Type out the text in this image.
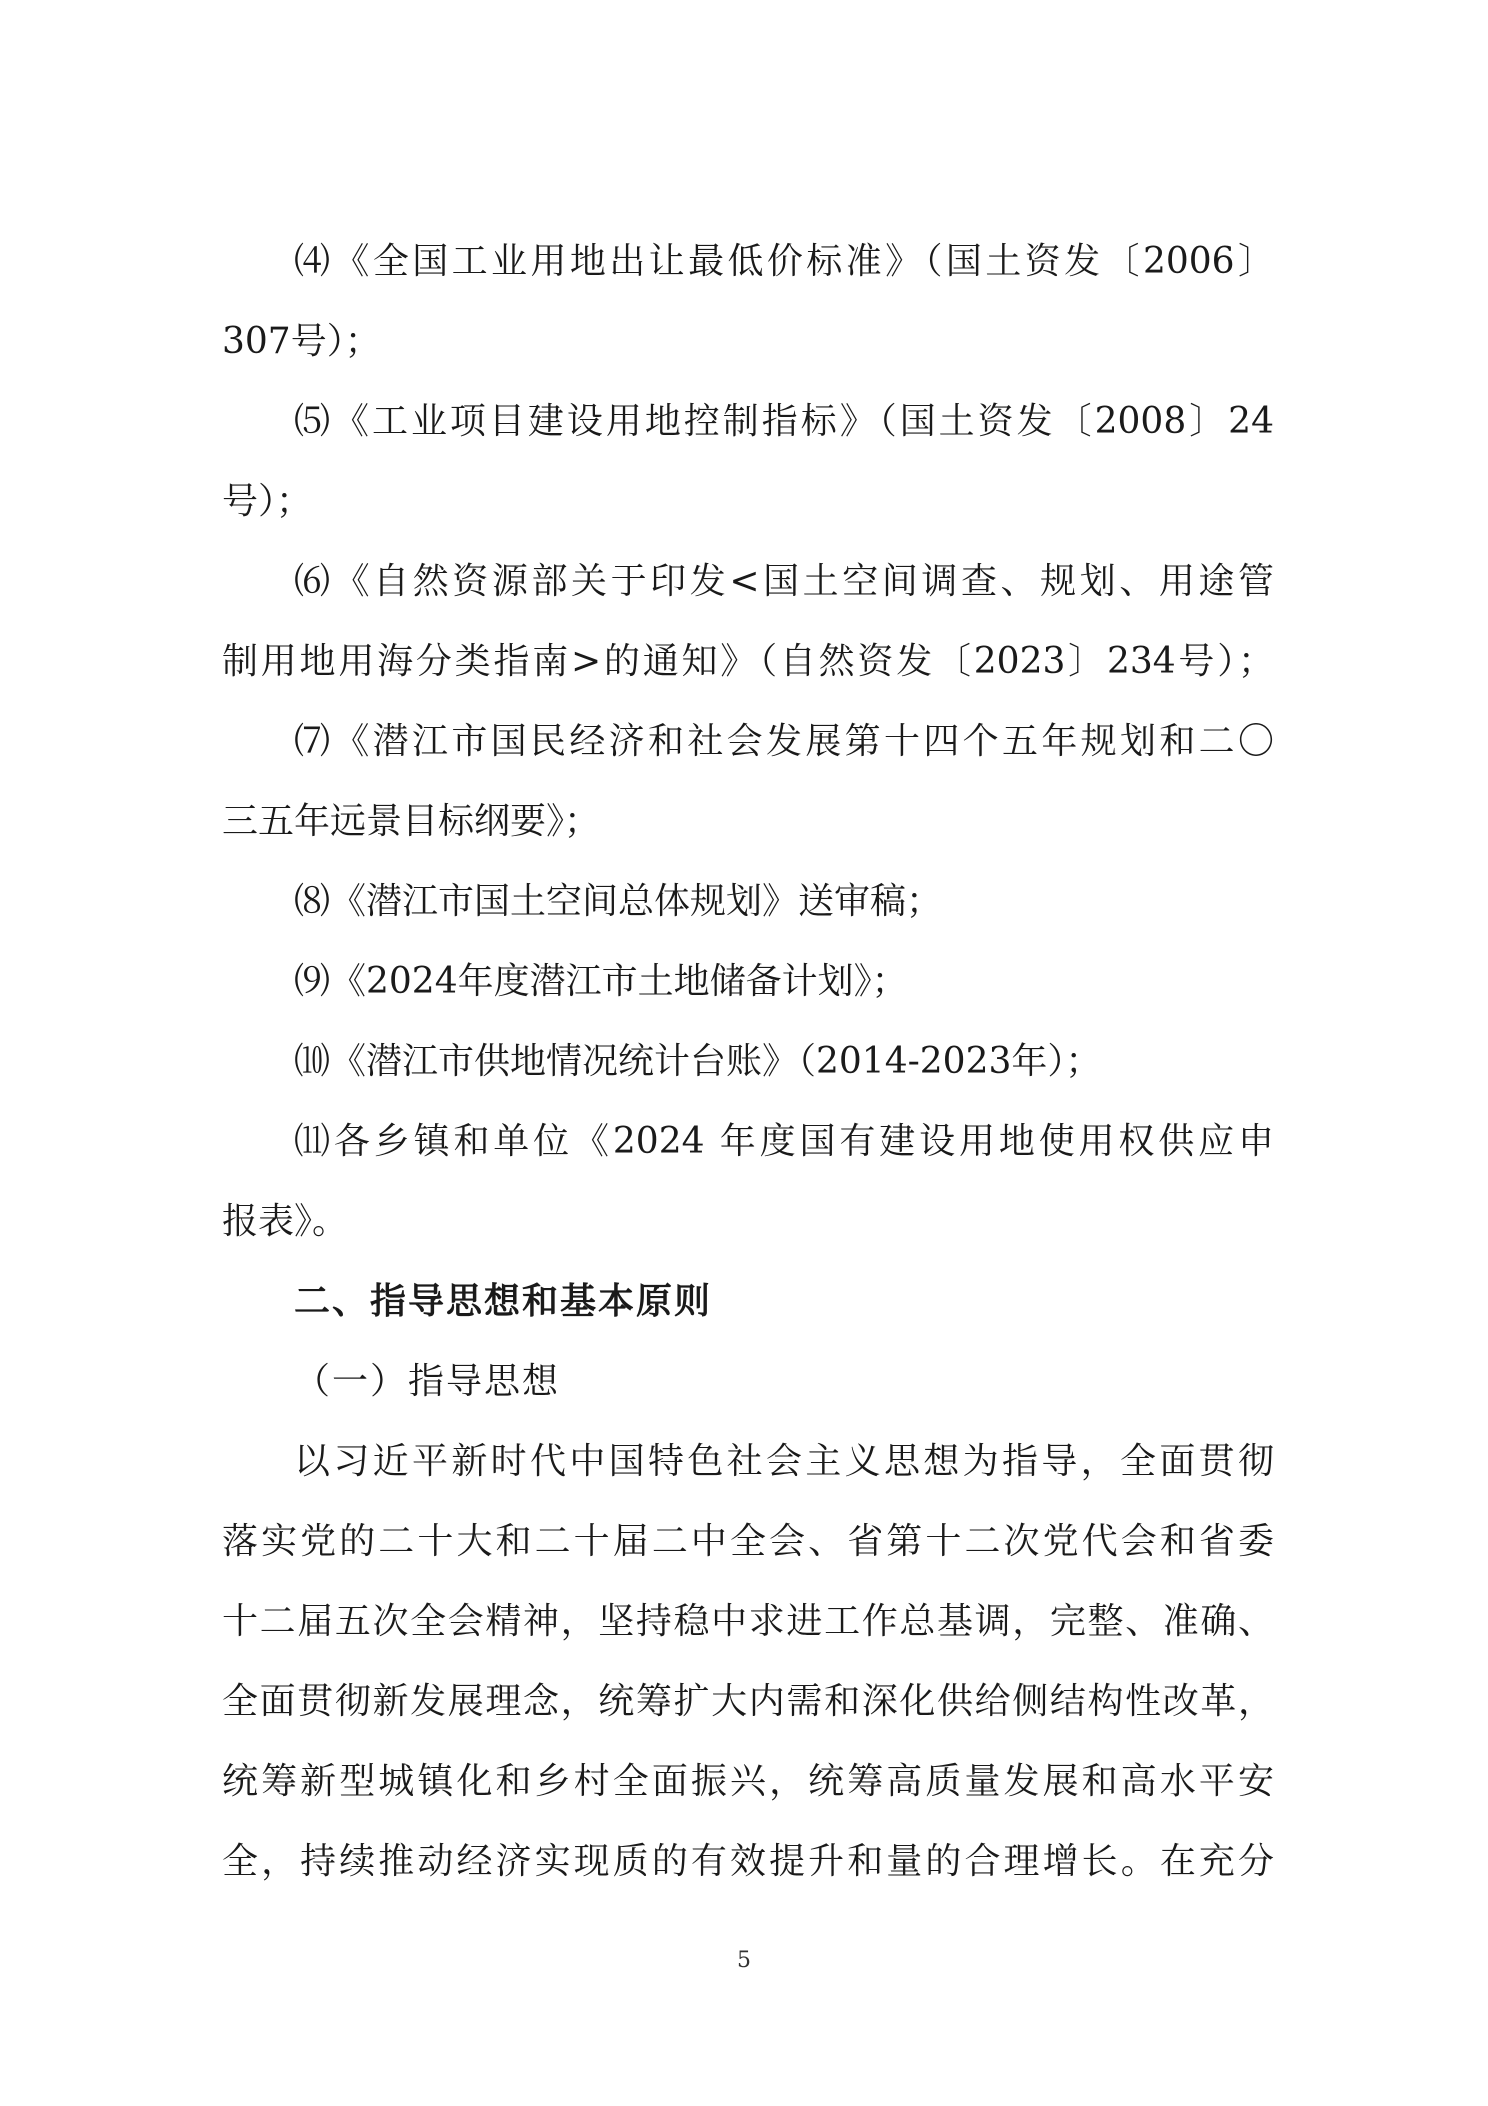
⑷《全国工业用地出让最低价标准》（国土资发〔2006〕
307号）；
⑸《工业项目建设用地控制指标》（国土资发〔2008〕24
号）；
⑹《自然资源部关于印发<国土空间调查、规划、用途管
制用地用海分类指南>的通知》（自然资发〔2023〕234号）；
⑺《潜江市国民经济和社会发展第十四个五年规划和二〇
三五年远景目标纲要》；
⑻《潜江市国土空间总体规划》送审稿；
⑼《2024年度潜江市土地储备计划》；
⑽《潜江市供地情况统计台账》（2014-2023年）；
⑾各乡镇和单位《2024 年度国有建设用地使用权供应申
报表》。
二、指导思想和基本原则
（一）指导思想
以习近平新时代中国特色社会主义思想为指导，全面贯彻
落实党的二十大和二十届二中全会、省第十二次党代会和省委
十二届五次全会精神，坚持稳中求进工作总基调，完整、准确、
全面贯彻新发展理念，统筹扩大内需和深化供给侧结构性改革，
统筹新型城镇化和乡村全面振兴，统筹高质量发展和高水平安
全，持续推动经济实现质的有效提升和量的合理增长。在充分
5
